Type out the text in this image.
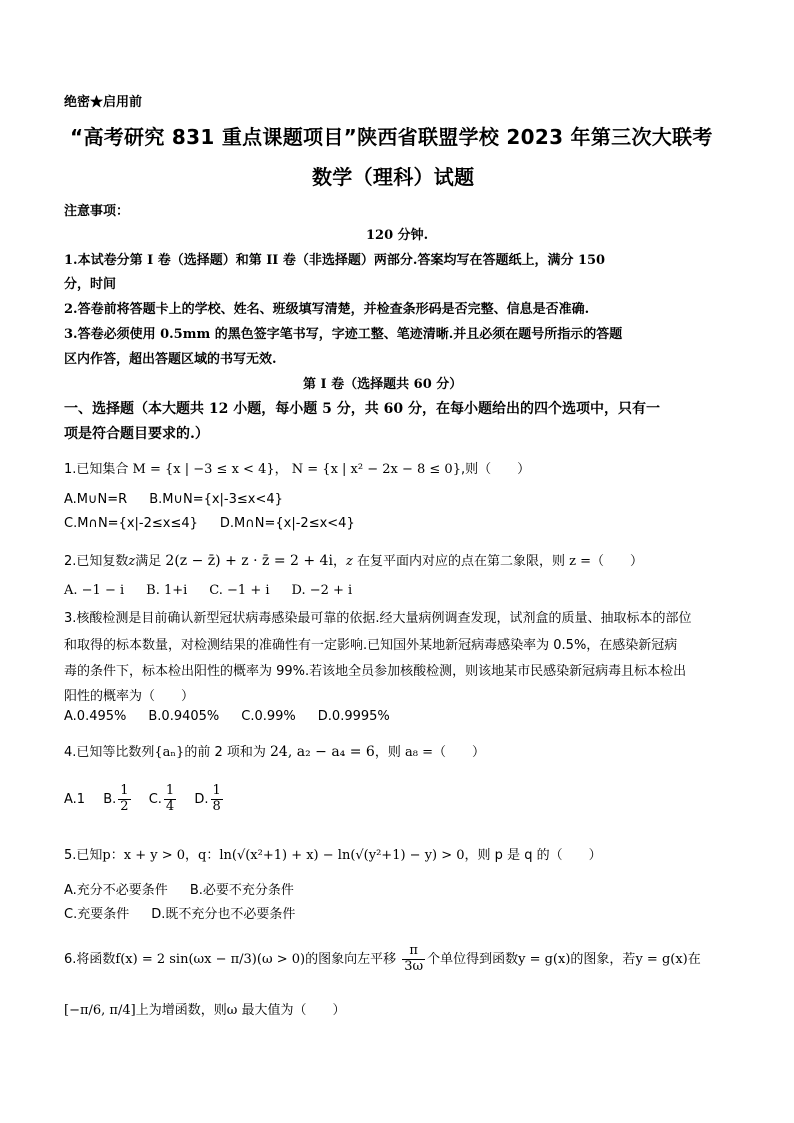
绝密★启用前
“高考研究 831 重点课题项目”陕西省联盟学校 2023 年第三次大联考
数学（理科）试题
注意事项：
120 分钟.
1.本试卷分第 I 卷（选择题）和第 II 卷（非选择题）两部分.答案均写在答题纸上，满分 150
分，时间
2.答卷前将答题卡上的学校、姓名、班级填写清楚，并检查条形码是否完整、信息是否准确.
3.答卷必须使用 0.5mm 的黑色签字笔书写，字迹工整、笔迹清晰.并且必须在题号所指示的答题
区内作答，超出答题区域的书写无效.
第 I 卷（选择题共 60 分）
一、选择题（本大题共 12 小题，每小题 5 分，共 60 分，在每小题给出的四个选项中，只有一
项是符合题目要求的.）
1.已知集合 M = {x | −3 ≤ x < 4}， N = {x | x² − 2x − 8 ≤ 0},则（　　）
A.M∪N=R B.M∪N={x|-3≤x<4}
C.M∩N={x|-2≤x≤4} D.M∩N={x|-2≤x<4}
2.已知复数z满足 2(z − z̄) + z · z̄ = 2 + 4i，z 在复平面内对应的点在第二象限，则 z =（　　）
A. −1 − i B. 1+i C. −1 + i D. −2 + i
3.核酸检测是目前确认新型冠状病毒感染最可靠的依据.经大量病例调查发现，试剂盒的质量、抽取标本的部位
和取得的标本数量，对检测结果的准确性有一定影响.已知国外某地新冠病毒感染率为 0.5%，在感染新冠病
毒的条件下，标本检出阳性的概率为 99%.若该地全员参加核酸检测，则该地某市民感染新冠病毒且标本检出
阳性的概率为（　　）
A.0.495% B.0.9405% C.0.99% D.0.9995%
4.已知等比数列{aₙ}的前 2 项和为 24, a₂ − a₄ = 6，则 a₈ =（　　）
A.1 B. $\frac{1}{2} C$. $\frac{1}{4} D$. $\frac{1}{8}$
5.已知p：x + y > 0，q：ln(√(x²+1) + x) − ln(√(y²+1) − y) > 0，则 p 是 q 的（　　）
A.充分不必要条件 B.必要不充分条件
C.充要条件 D.既不充分也不必要条件
6.将函数f(x) = 2 sin(ωx − π/3)(ω > 0)的图象向左平移 $\frac{\pi}{3\omega}$ 个单位得到函数y = g(x)的图象，若y = g(x)在
[−π/6, π/4]上为增函数，则ω 最大值为（　　）
